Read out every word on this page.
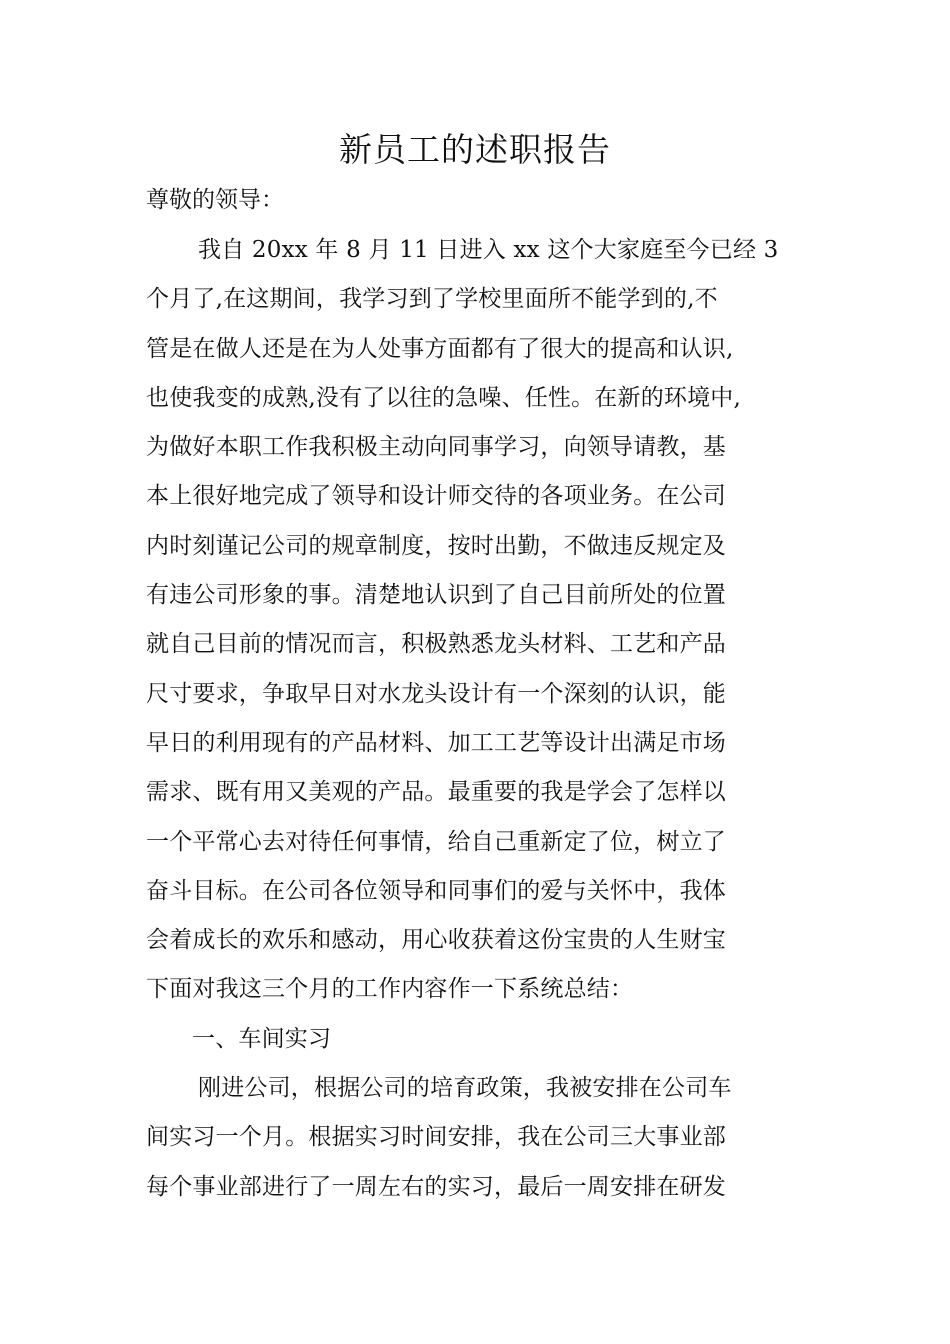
新员工的述职报告
尊敬的领导：
我自 20xx 年 8 月 11 日进入 xx 这个大家庭至今已经 3
个月了,在这期间，我学习到了学校里面所不能学到的,不
管是在做人还是在为人处事方面都有了很大的提高和认识,
也使我变的成熟,没有了以往的急噪、任性。在新的环境中,
为做好本职工作我积极主动向同事学习，向领导请教，基
本上很好地完成了领导和设计师交待的各项业务。在公司
内时刻谨记公司的规章制度，按时出勤，不做违反规定及
有违公司形象的事。清楚地认识到了自己目前所处的位置
就自己目前的情况而言，积极熟悉龙头材料、工艺和产品
尺寸要求，争取早日对水龙头设计有一个深刻的认识，能
早日的利用现有的产品材料、加工工艺等设计出满足市场
需求、既有用又美观的产品。最重要的我是学会了怎样以
一个平常心去对待任何事情，给自己重新定了位，树立了
奋斗目标。在公司各位领导和同事们的爱与关怀中，我体
会着成长的欢乐和感动，用心收获着这份宝贵的人生财宝
下面对我这三个月的工作内容作一下系统总结：
一、车间实习
刚进公司，根据公司的培育政策，我被安排在公司车
间实习一个月。根据实习时间安排，我在公司三大事业部
每个事业部进行了一周左右的实习，最后一周安排在研发
